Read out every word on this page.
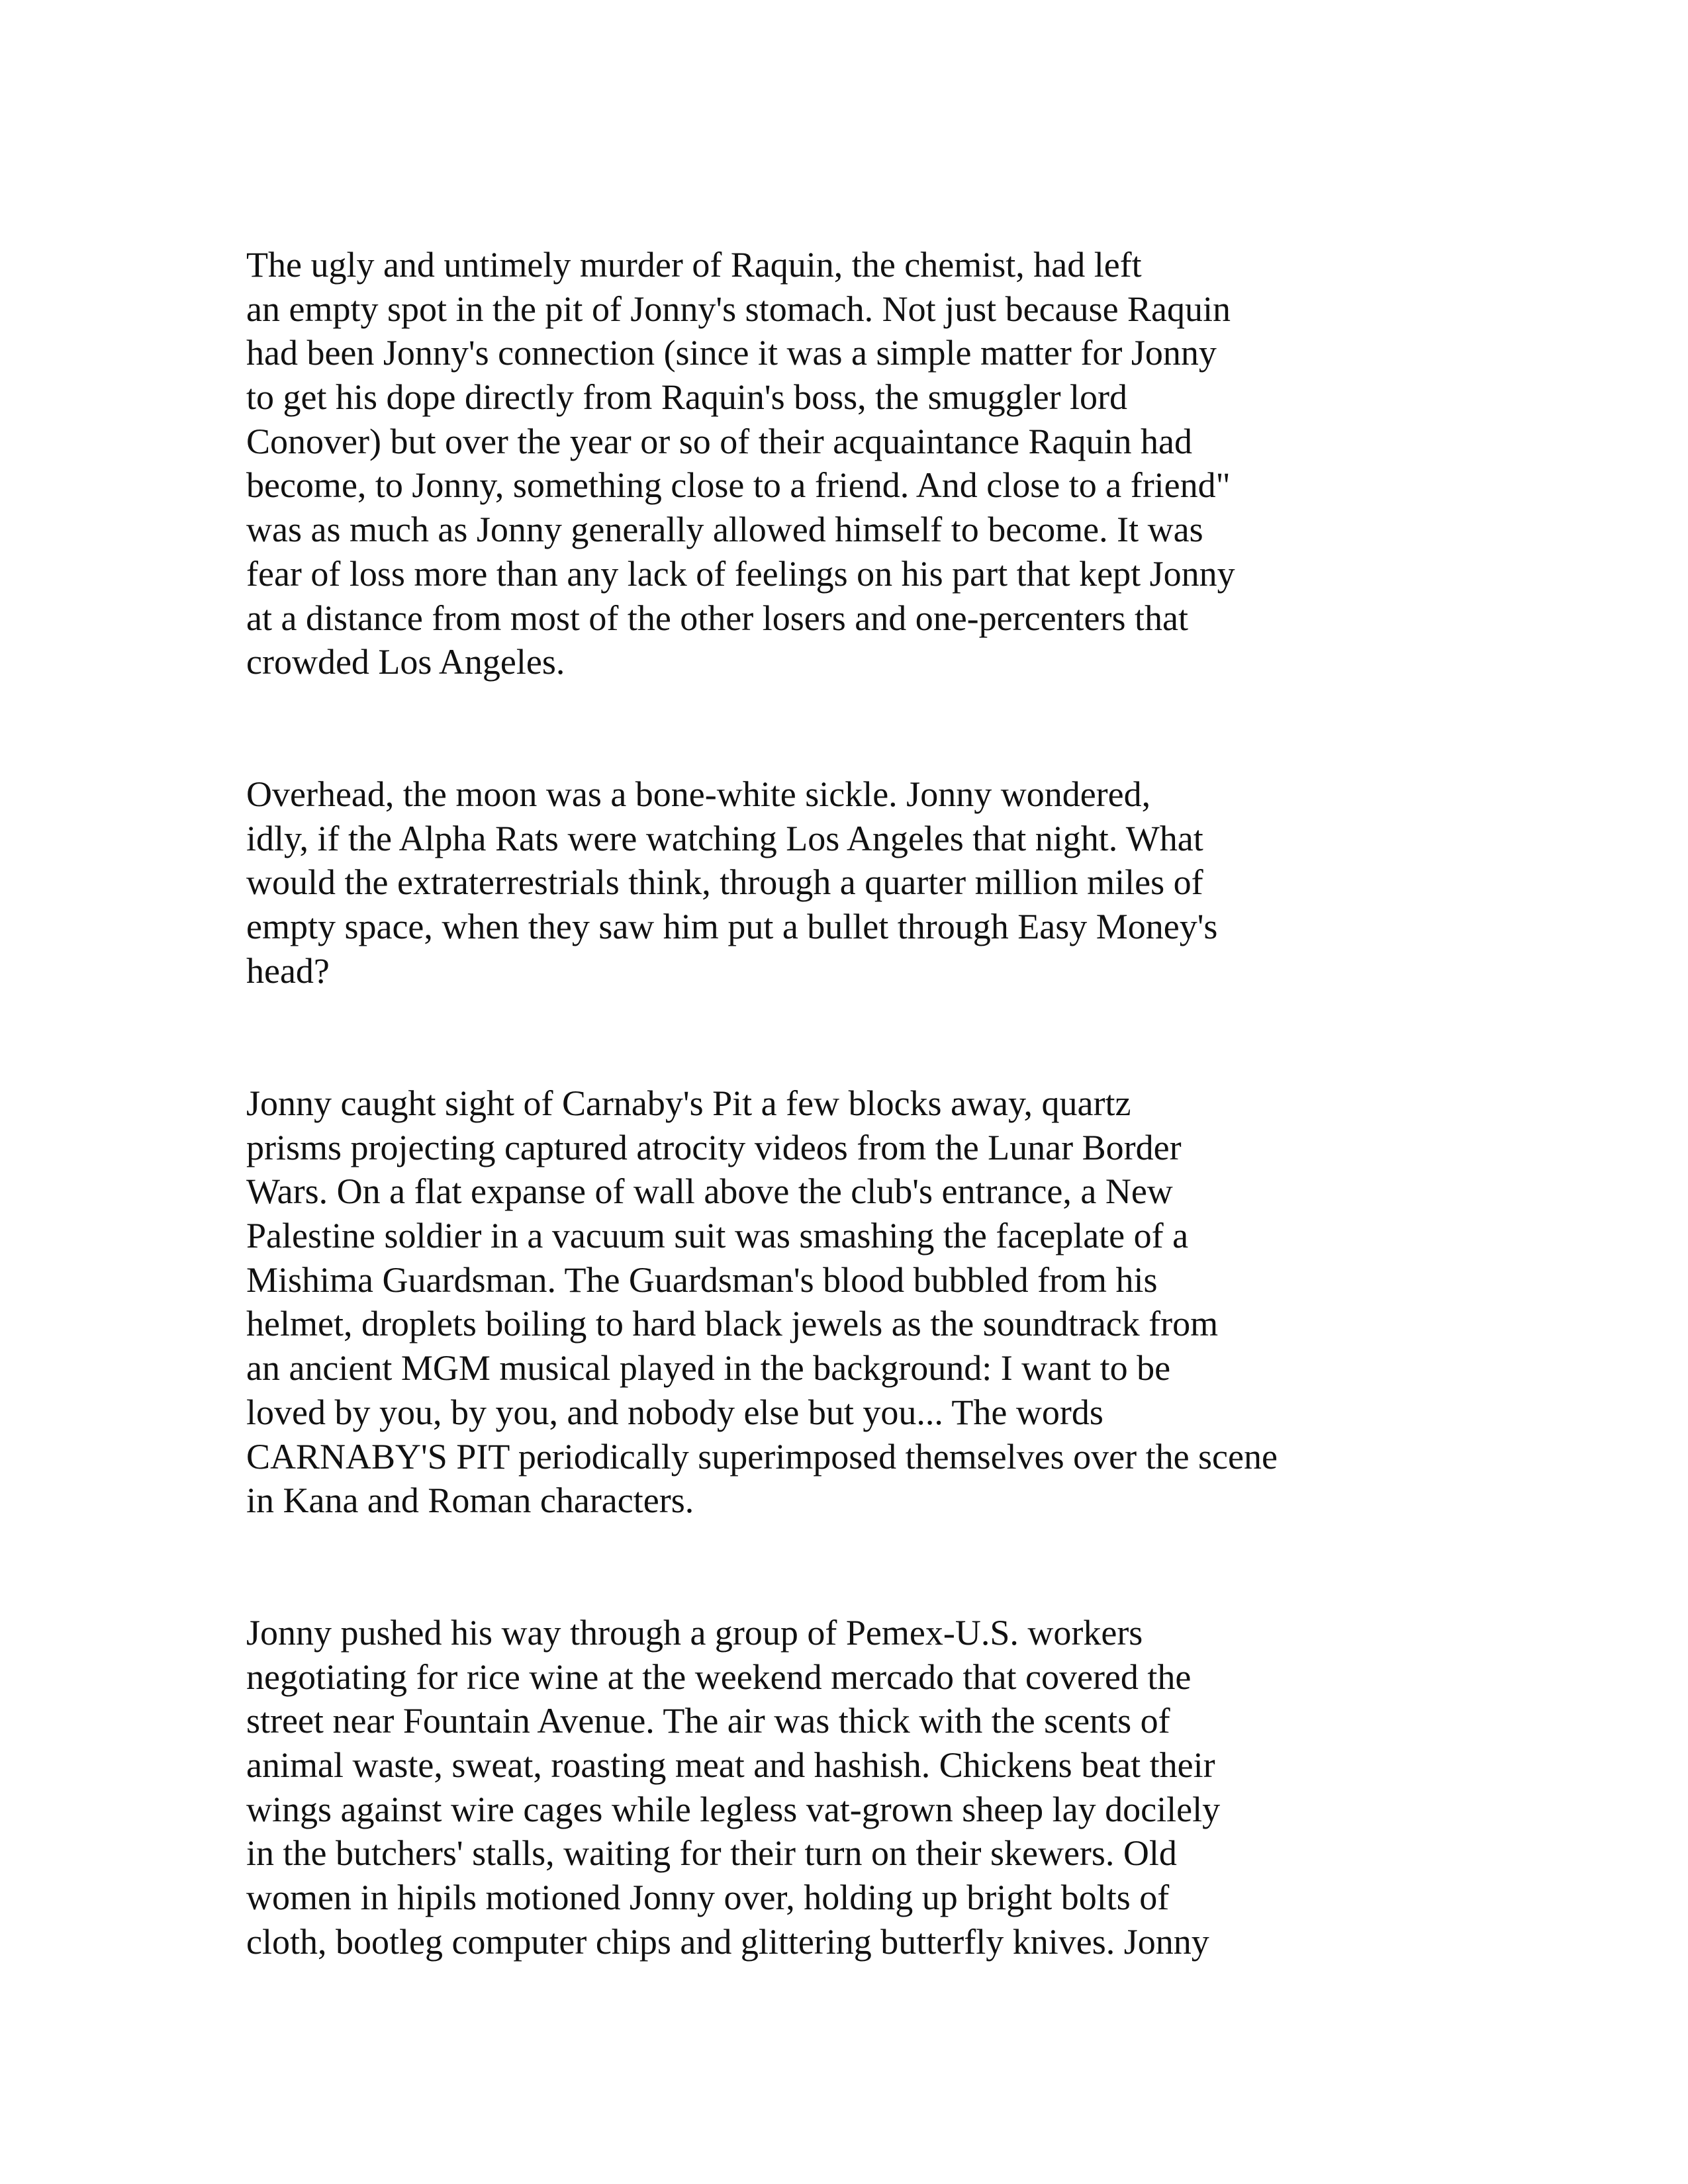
The ugly and untimely murder of Raquin, the chemist, had left
an empty spot in the pit of Jonny's stomach. Not just because Raquin
had been Jonny's connection (since it was a simple matter for Jonny
to get his dope directly from Raquin's boss, the smuggler lord
Conover) but over the year or so of their acquaintance Raquin had
become, to Jonny, something close to a friend. And close to a friend"
was as much as Jonny generally allowed himself to become. It was
fear of loss more than any lack of feelings on his part that kept Jonny
at a distance from most of the other losers and one-percenters that
crowded Los Angeles.

Overhead, the moon was a bone-white sickle. Jonny wondered,
idly, if the Alpha Rats were watching Los Angeles that night. What
would the extraterrestrials think, through a quarter million miles of
empty space, when they saw him put a bullet through Easy Money's
head?

Jonny caught sight of Carnaby's Pit a few blocks away, quartz
prisms projecting captured atrocity videos from the Lunar Border
Wars. On a flat expanse of wall above the club's entrance, a New
Palestine soldier in a vacuum suit was smashing the faceplate of a
Mishima Guardsman. The Guardsman's blood bubbled from his
helmet, droplets boiling to hard black jewels as the soundtrack from
an ancient MGM musical played in the background: I want to be
loved by you, by you, and nobody else but you... The words
CARNABY'S PIT periodically superimposed themselves over the scene
in Kana and Roman characters.

Jonny pushed his way through a group of Pemex-U.S. workers
negotiating for rice wine at the weekend mercado that covered the
street near Fountain Avenue. The air was thick with the scents of
animal waste, sweat, roasting meat and hashish. Chickens beat their
wings against wire cages while legless vat-grown sheep lay docilely
in the butchers' stalls, waiting for their turn on their skewers. Old
women in hipils motioned Jonny over, holding up bright bolts of
cloth, bootleg computer chips and glittering butterfly knives. Jonny
